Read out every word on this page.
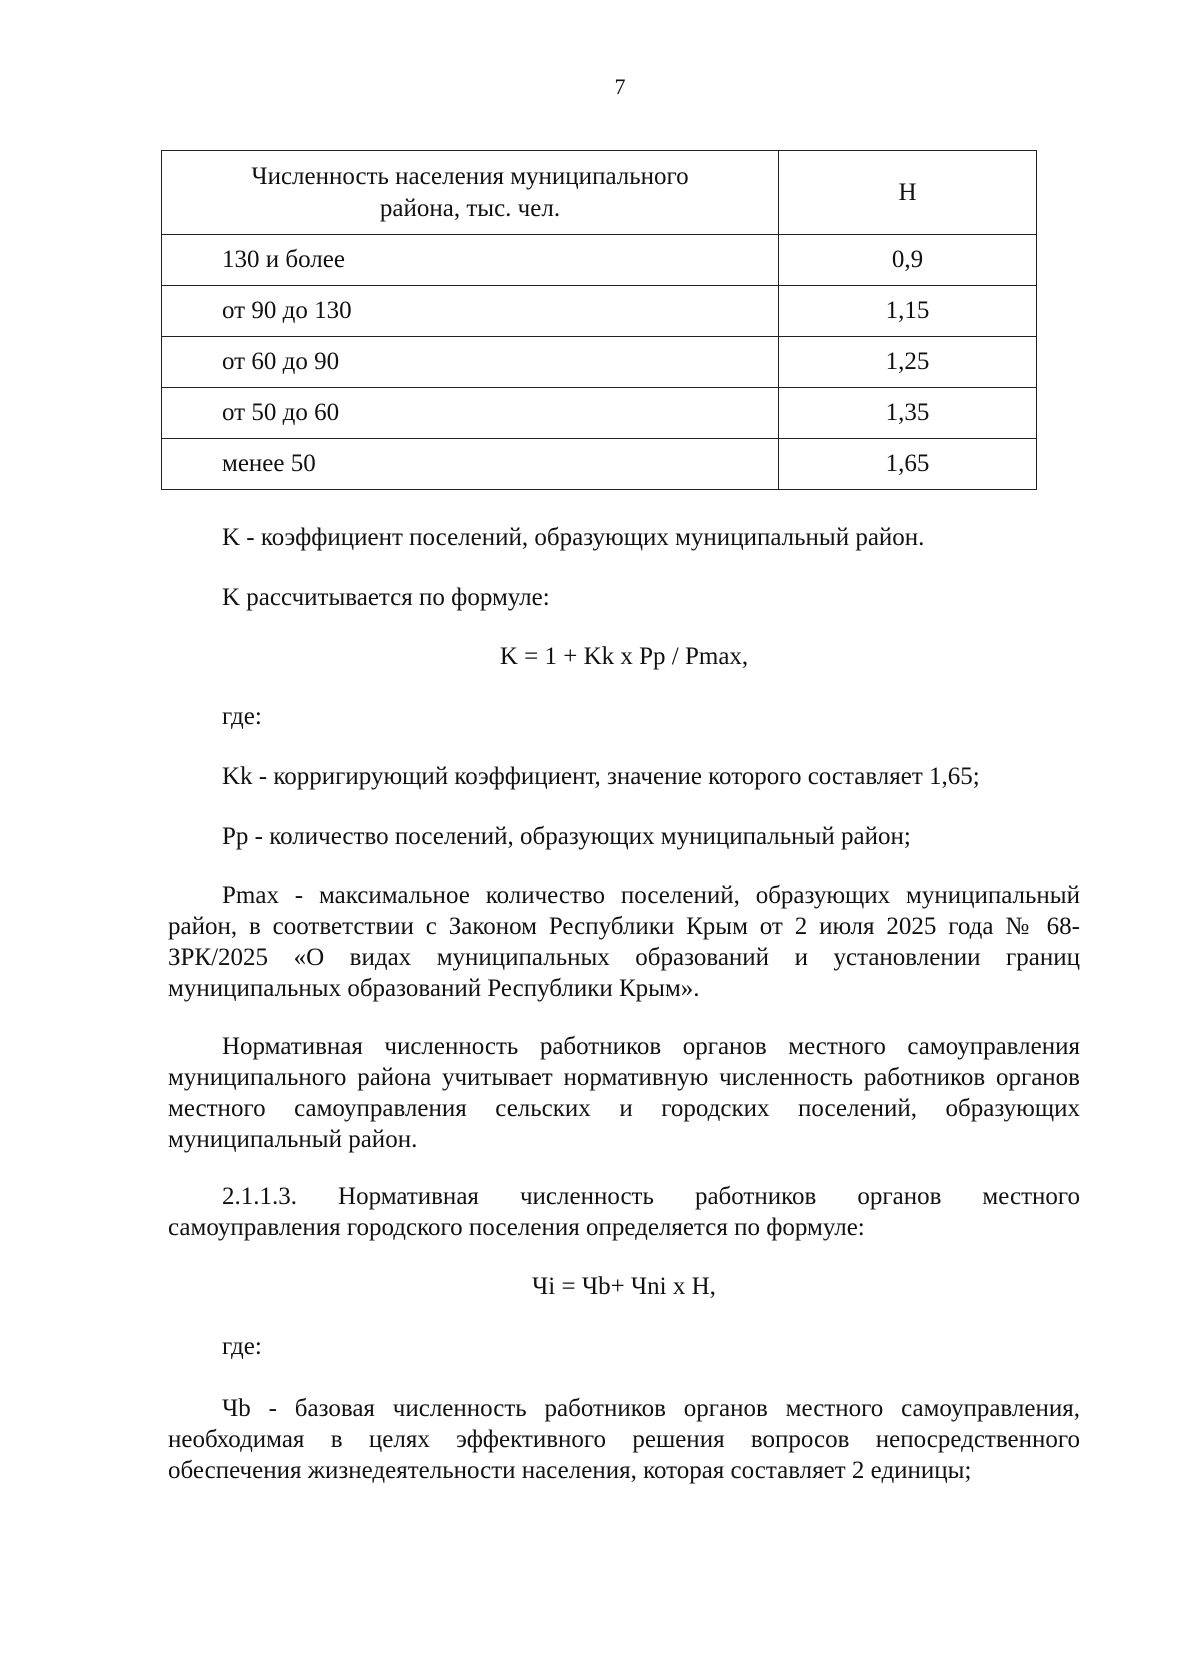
7
Численность населения муниципального
района, тыс. чел.	Н
130 и более	0,9
от 90 до 130	1,15
от 60 до 90	1,25
от 50 до 60	1,35
менее 50	1,65
K - коэффициент поселений, образующих муниципальный район.
K рассчитывается по формуле:
K = 1 + Kk x Pp / Pmax,
где:
Kk - корригирующий коэффициент, значение которого составляет 1,65;
Pp - количество поселений, образующих муниципальный район;
Pmax - максимальное количество поселений, образующих муниципальный район, в соответствии с Законом Республики Крым от 2 июля 2025 года № 68-ЗРК/2025 «О видах муниципальных образований и установлении границ муниципальных образований Республики Крым».
Нормативная численность работников органов местного самоуправления муниципального района учитывает нормативную численность работников органов местного самоуправления сельских и городских поселений, образующих муниципальный район.
2.1.1.3. Нормативная численность работников органов местного самоуправления городского поселения определяется по формуле:
Чi = Чb+ Чni x H,
где:
Чb - базовая численность работников органов местного самоуправления, необходимая в целях эффективного решения вопросов непосредственного обеспечения жизнедеятельности населения, которая составляет 2 единицы;
